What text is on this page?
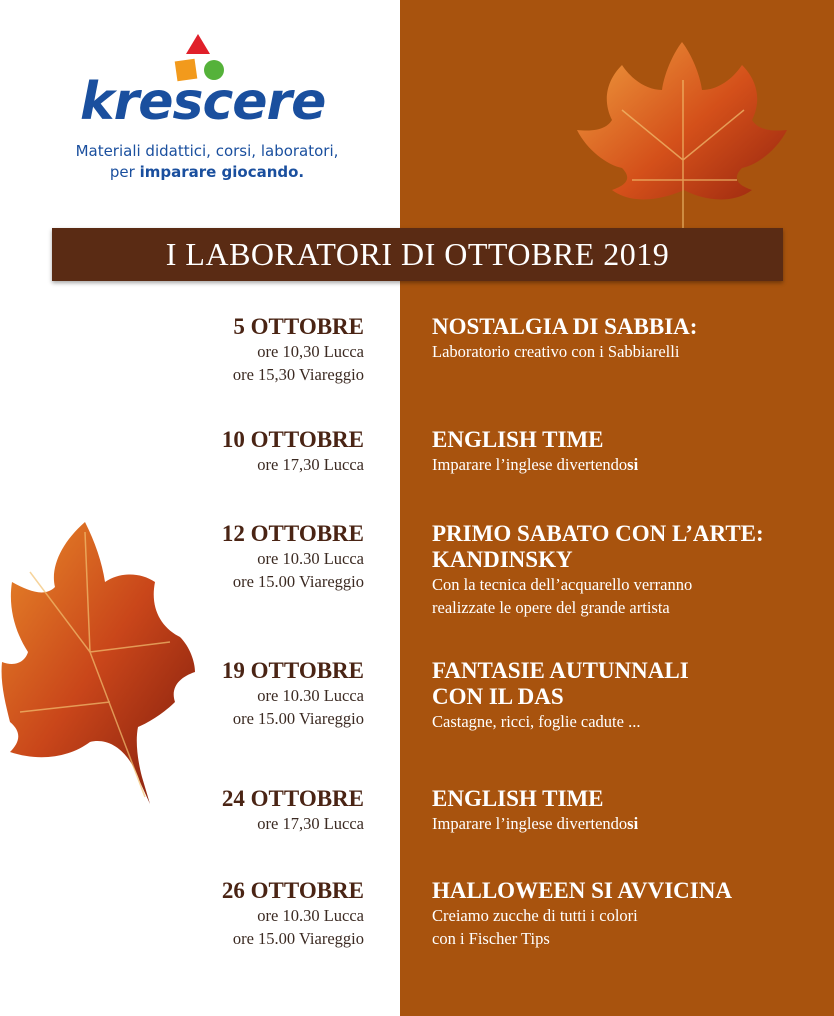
krescere
Materiali didattici, corsi, laboratori,
per imparare giocando.
I LABORATORI DI OTTOBRE 2019
5 OTTOBRE
ore 10,30 Lucca
ore 15,30 Viareggio
NOSTALGIA DI SABBIA:
Laboratorio creativo con i Sabbiarelli
10 OTTOBRE
ore 17,30 Lucca
ENGLISH TIME
Imparare l’inglese divertendosi
12 OTTOBRE
ore 10.30 Lucca
ore 15.00 Viareggio
PRIMO SABATO CON L’ARTE:
KANDINSKY
Con la tecnica dell’acquarello verranno
realizzate le opere del grande artista
19 OTTOBRE
ore 10.30 Lucca
ore 15.00 Viareggio
FANTASIE AUTUNNALI
CON IL DAS
Castagne, ricci, foglie cadute ...
24 OTTOBRE
ore 17,30 Lucca
ENGLISH TIME
Imparare l’inglese divertendosi
26 OTTOBRE
ore 10.30 Lucca
ore 15.00 Viareggio
HALLOWEEN SI AVVICINA
Creiamo zucche di tutti i colori
con i Fischer Tips
